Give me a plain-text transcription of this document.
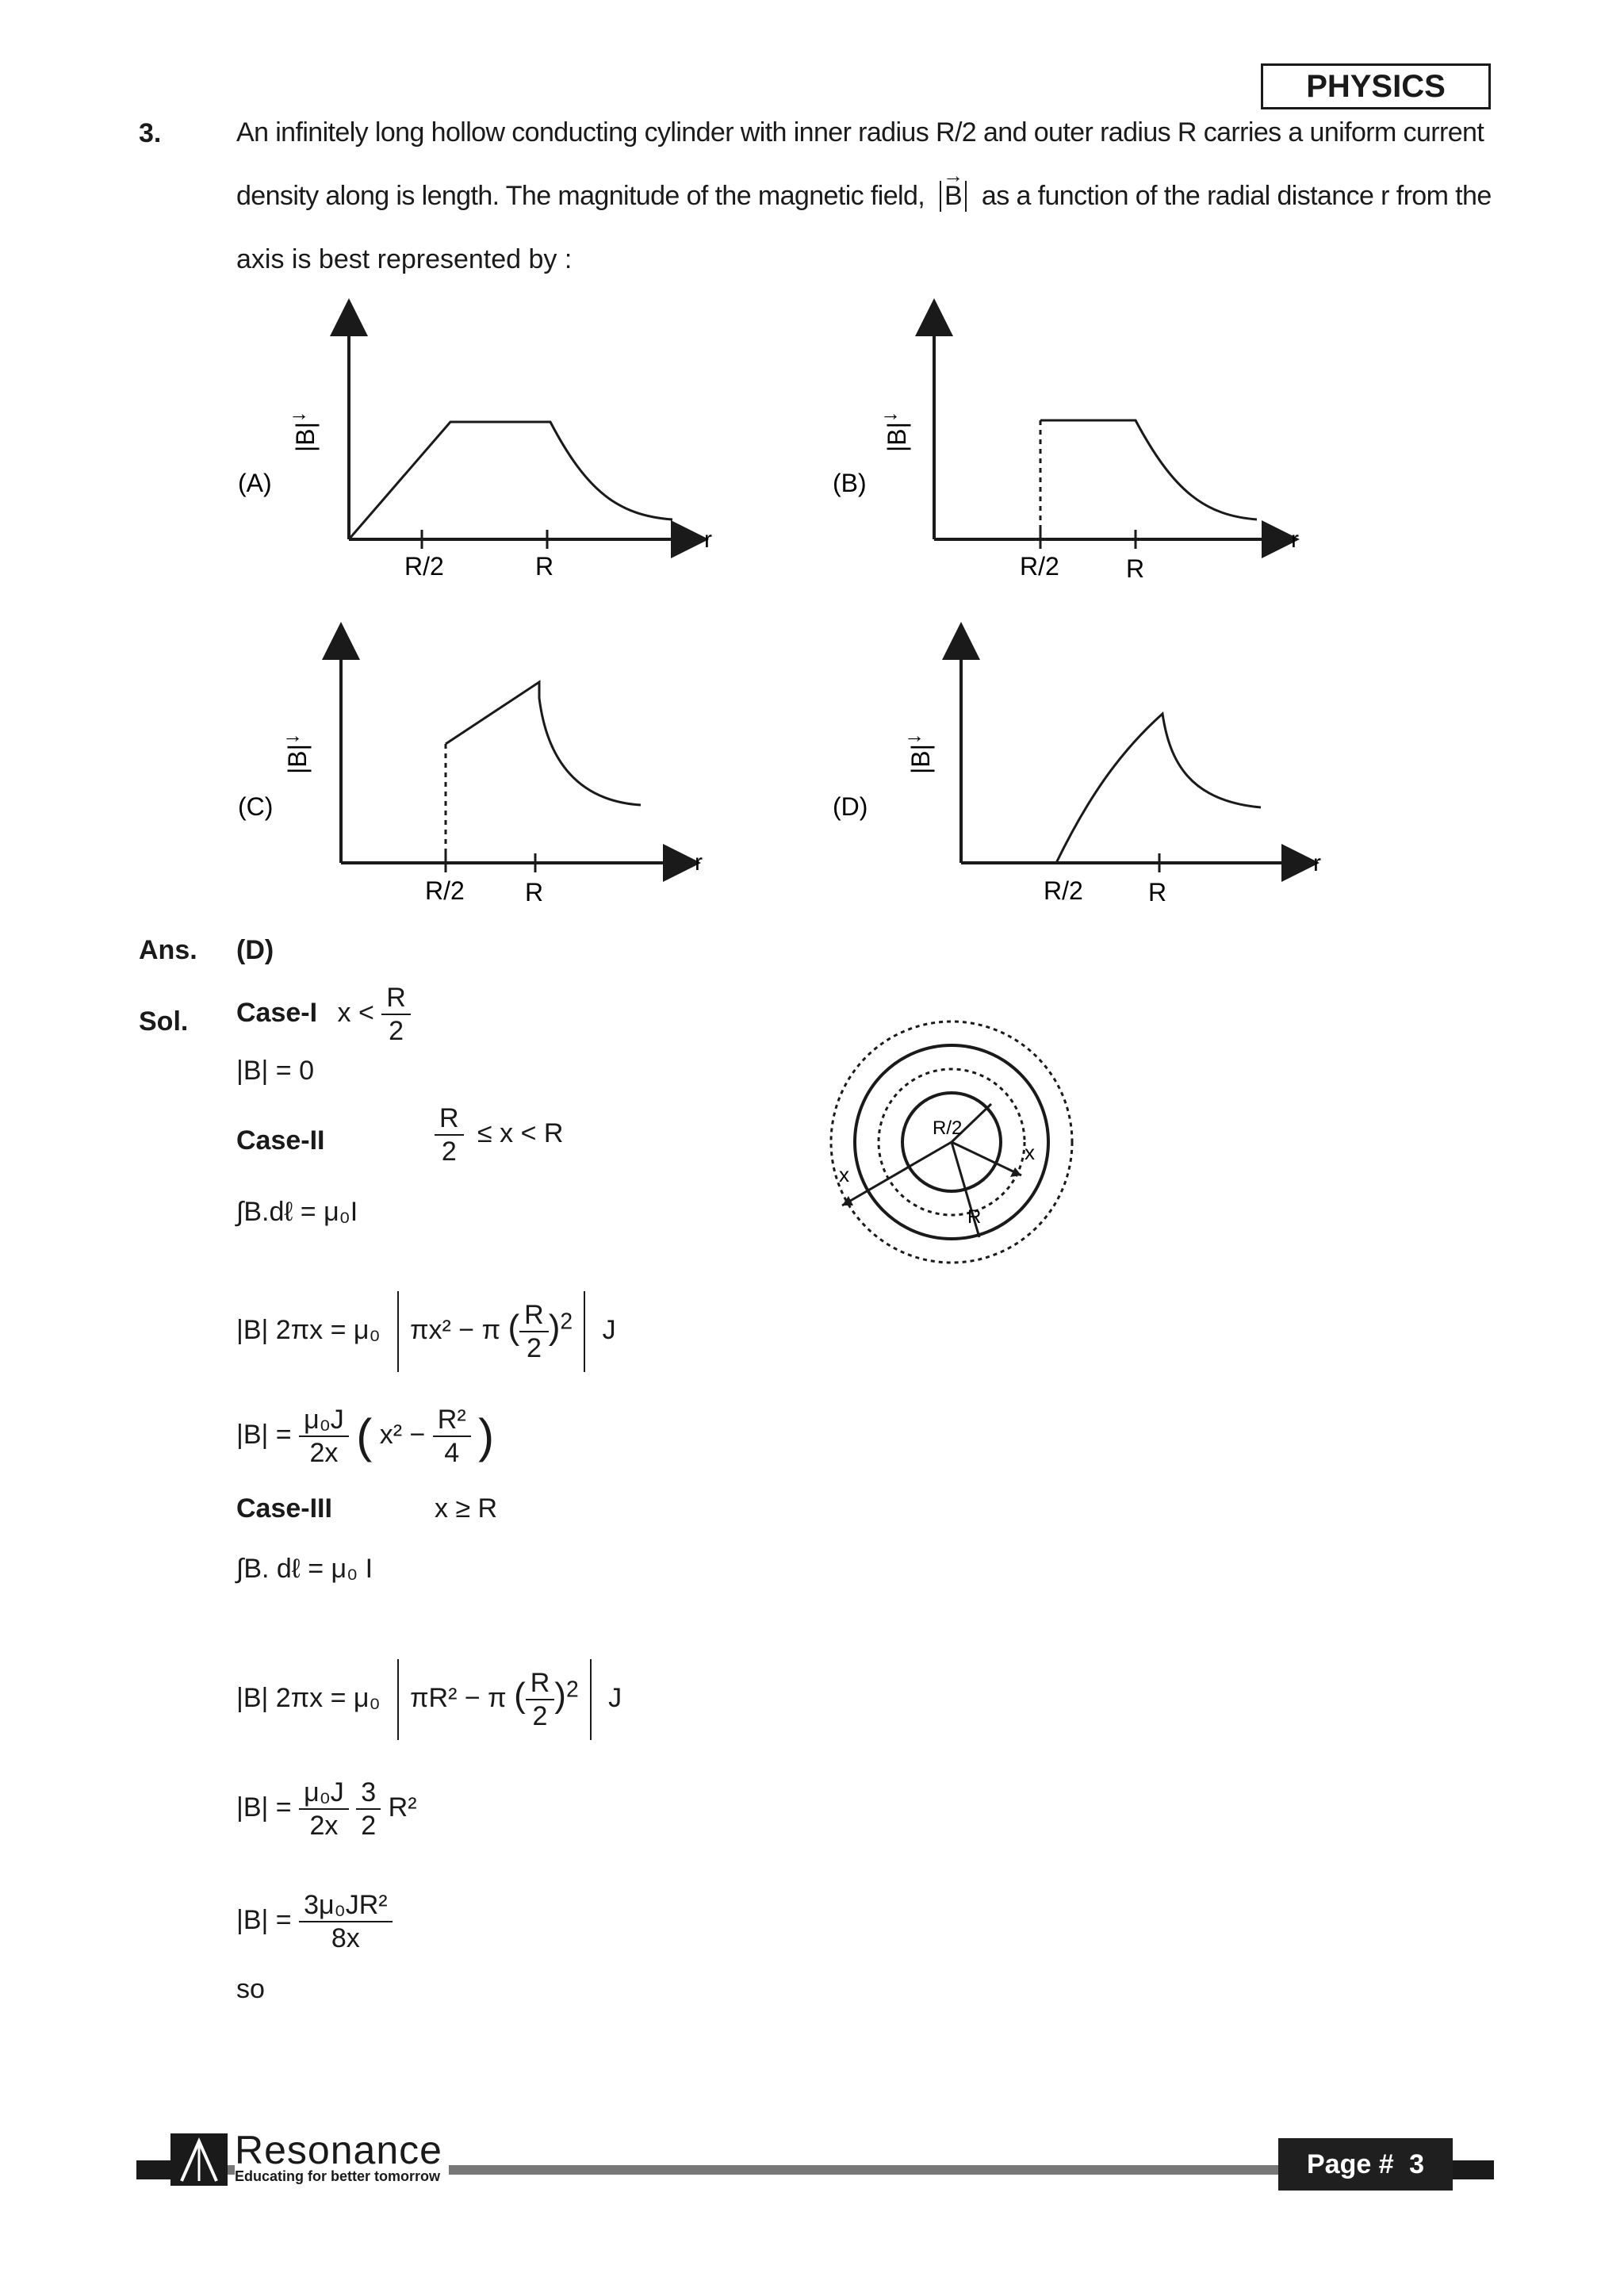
PHYSICS
3.	An infinitely long hollow conducting cylinder with inner radius R/2 and outer radius R carries a uniform current
density along is length. The magnitude of the magnetic field,
→
B as a function of the radial distance r from the
axis is best represented by :
(A)
|B|
→
r
R/2	R
(B)
|B|
→
r
R/2	R
(C)
|B|
→
r
R/2 R
(D)
|B|
→
r
R/2	R
Ans. (D)
Sol. Case-I $x < \frac{R}{2}$
|B| = 0
Case-II	$\frac{R}{2} \le x < R$
∫B.dℓ = μ₀I
|B| 2πx = μ₀ πx² − π ( $\frac{R}{2} )^2$ J
$|B| = \frac{\text{μ₀J}}{2x}$ ( $x^2 - \frac{\text{R²}}{4}$ )
Case-III	x ≥ R
∫B. dℓ = μ₀ I
|B| 2πx = μ₀ πR² − π ( $\frac{R}{2} )^2$ J
$|B| = \frac{\text{μ₀J}}{2x}$
$\frac{3}{2} R^2$
$|B| = \frac{\text{3μ₀JR²}}{8x}$
so
R/2
R
x
x
Resonance
Educating for better tomorrow	Page # 3
